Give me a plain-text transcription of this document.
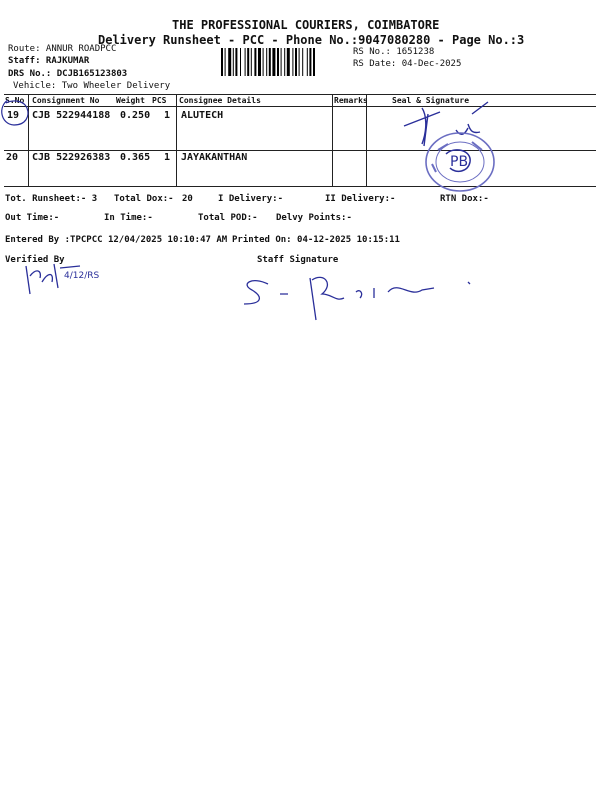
THE PROFESSIONAL COURIERS, COIMBATORE
Delivery Runsheet - PCC - Phone No.:9047080280 - Page No.:3
Route: ANNUR ROADPCC
Staff: RAJKUMAR
DRS No.: DCJB165123803
Vehicle: Two Wheeler Delivery
RS No.: 1651238
RS Date: 04-Dec-2025
S.No Consignment No Weight PCS Consignee Details	Remarks	Seal & Signature
19 CJB 522944188 0.250 1 ALUTECH
20 CJB 522926383 0.365 1 JAYAKANTHAN
Tot. Runsheet:- 3 Total Dox:- 20	I Delivery:-	II Delivery:-	RTN Dox:-
Out Time:-	In Time:-	Total POD:- Delvy Points:-
Entered By :TPCPCC 12/04/2025 10:10:47 AM Printed On: 04-12-2025 10:15:11
Verified By	Staff Signature
PB
4/12/RS
